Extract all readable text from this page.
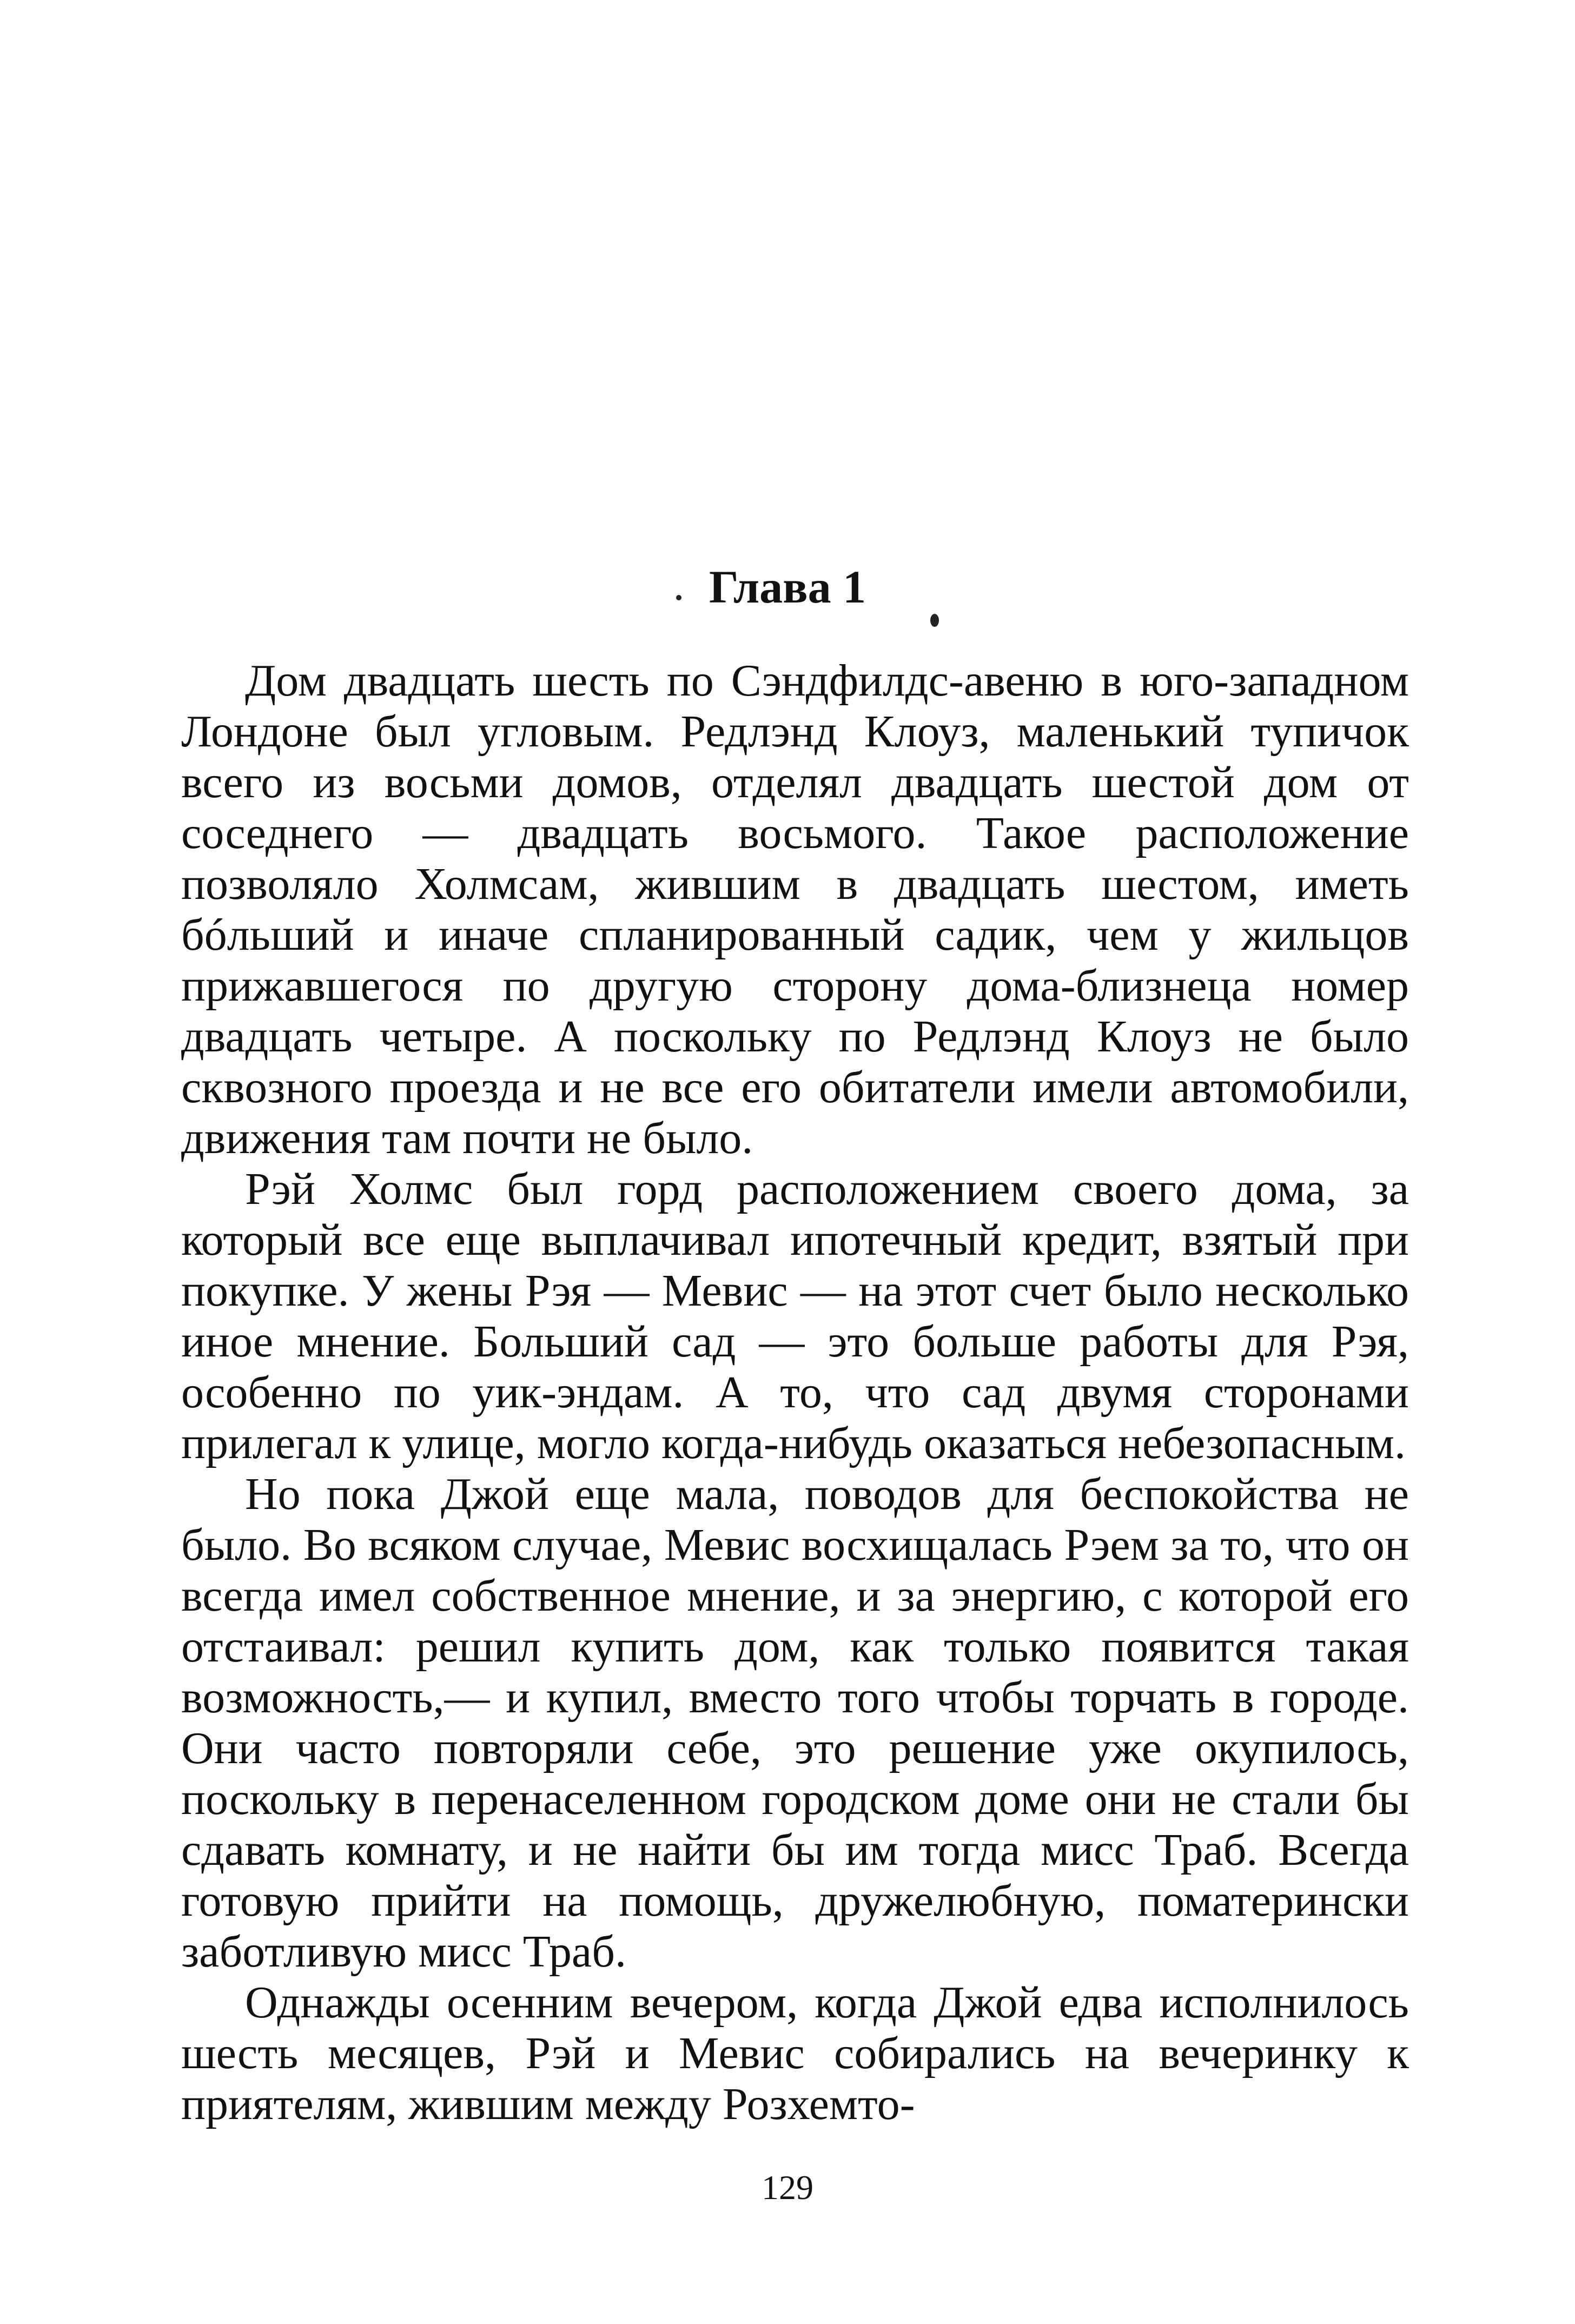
Глава 1

Дом двадцать шесть по Сэндфилдс-авеню в юго-западном Лондоне был угловым. Редлэнд Клоуз, маленький тупичок всего из восьми домов, отделял двадцать шестой дом от соседнего — двадцать восьмого. Такое расположение позволяло Холмсам, жившим в двадцать шестом, иметь бóльший и иначе спланированный садик, чем у жильцов прижавшегося по другую сторону дома-близнеца номер двадцать четыре. А поскольку по Редлэнд Клоуз не было сквозного проезда и не все его обитатели имели автомобили, движения там почти не было.

Рэй Холмс был горд расположением своего дома, за который все еще выплачивал ипотечный кредит, взятый при покупке. У жены Рэя — Мевис — на этот счет было несколько иное мнение. Больший сад — это больше работы для Рэя, особенно по уик-эндам. А то, что сад двумя сторонами прилегал к улице, могло когда-нибудь оказаться небезопасным.

Но пока Джой еще мала, поводов для беспокойства не было. Во всяком случае, Мевис восхищалась Рэем за то, что он всегда имел собственное мнение, и за энергию, с которой его отстаивал: решил купить дом, как только появится такая возможность,— и купил, вместо того чтобы торчать в городе. Они часто повторяли себе, это решение уже окупилось, поскольку в перенаселенном городском доме они не стали бы сдавать комнату, и не найти бы им тогда мисс Траб. Всегда готовую прийти на помощь, дружелюбную, поматерински заботливую мисс Траб.

Однажды осенним вечером, когда Джой едва исполнилось шесть месяцев, Рэй и Мевис собирались на вечеринку к приятелям, жившим между Розхемто-

129
